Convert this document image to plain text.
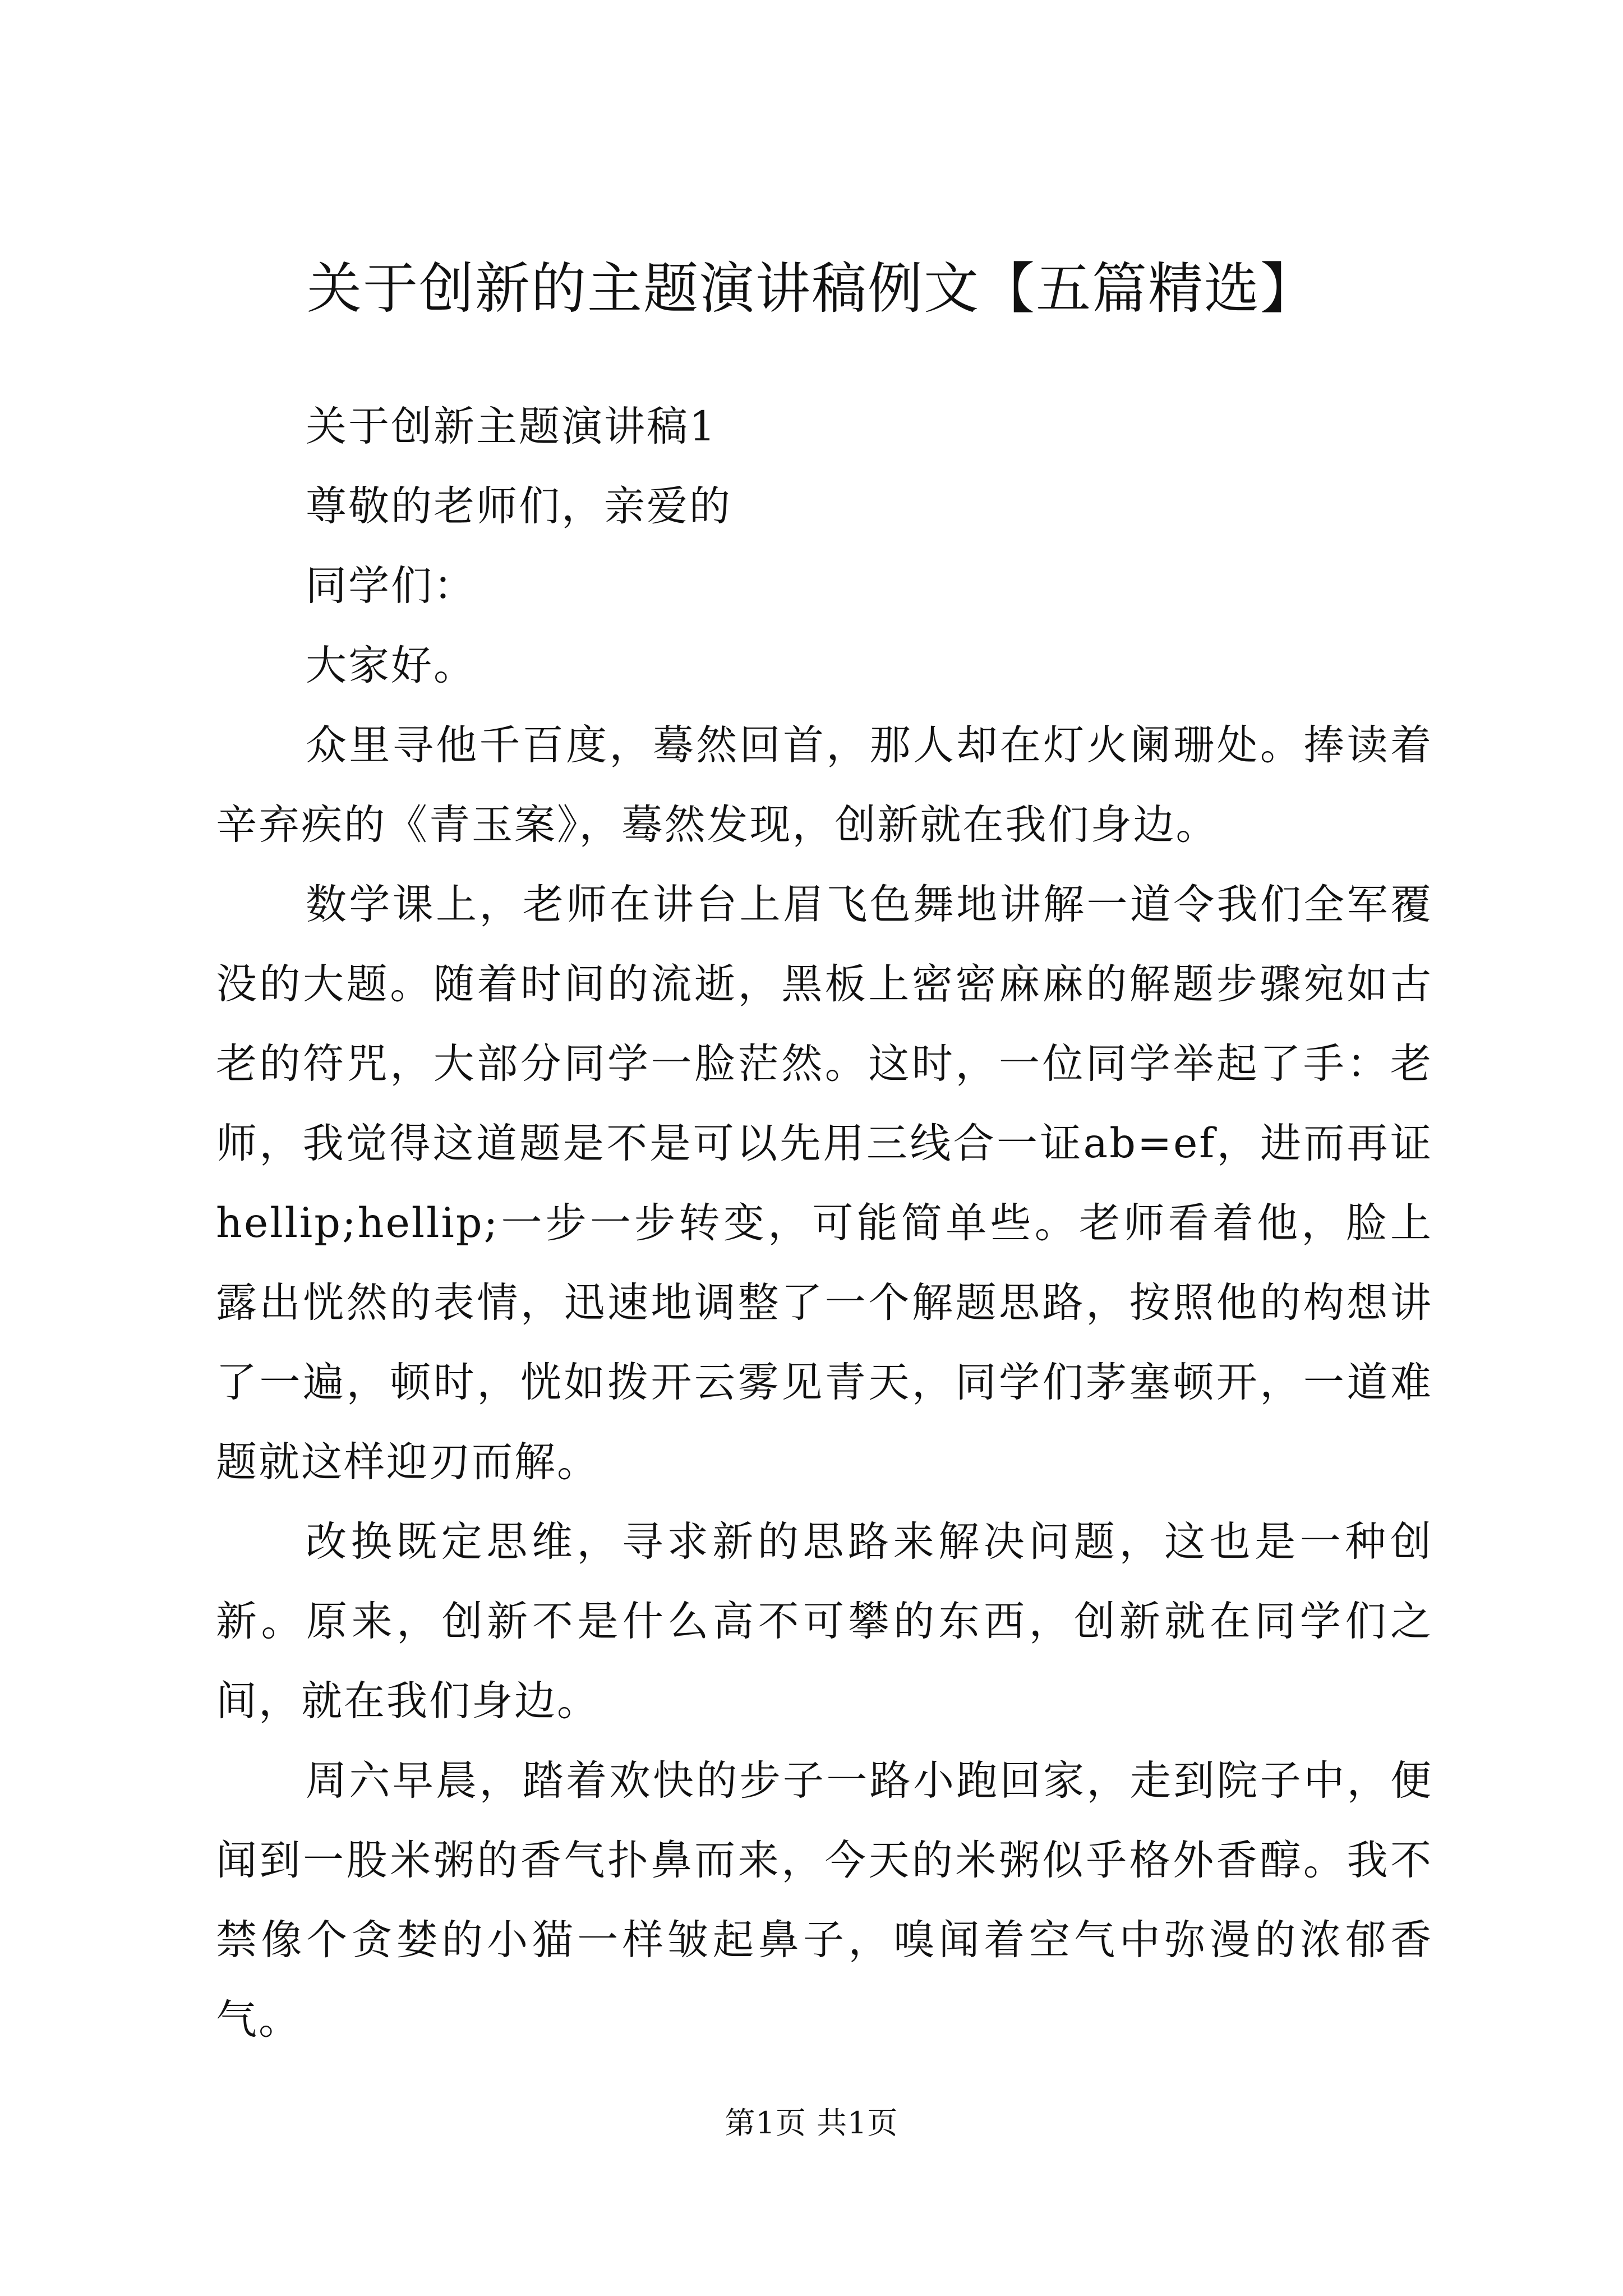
关于创新的主题演讲稿例文【五篇精选】

关于创新主题演讲稿1

尊敬的老师们，亲爱的

同学们：

大家好。

众里寻他千百度，蓦然回首，那人却在灯火阑珊处。捧读着辛弃疾的《青玉案》，蓦然发现，创新就在我们身边。

数学课上，老师在讲台上眉飞色舞地讲解一道令我们全军覆没的大题。随着时间的流逝，黑板上密密麻麻的解题步骤宛如古老的符咒，大部分同学一脸茫然。这时，一位同学举起了手：老师，我觉得这道题是不是可以先用三线合一证ab=ef，进而再证hellip;hellip;一步一步转变，可能简单些。老师看着他，脸上露出恍然的表情，迅速地调整了一个解题思路，按照他的构想讲了一遍，顿时，恍如拨开云雾见青天，同学们茅塞顿开，一道难题就这样迎刃而解。

改换既定思维，寻求新的思路来解决问题，这也是一种创新。原来，创新不是什么高不可攀的东西，创新就在同学们之间，就在我们身边。

周六早晨，踏着欢快的步子一路小跑回家，走到院子中，便闻到一股米粥的香气扑鼻而来，今天的米粥似乎格外香醇。我不禁像个贪婪的小猫一样皱起鼻子，嗅闻着空气中弥漫的浓郁香气。

第1页 共1页
